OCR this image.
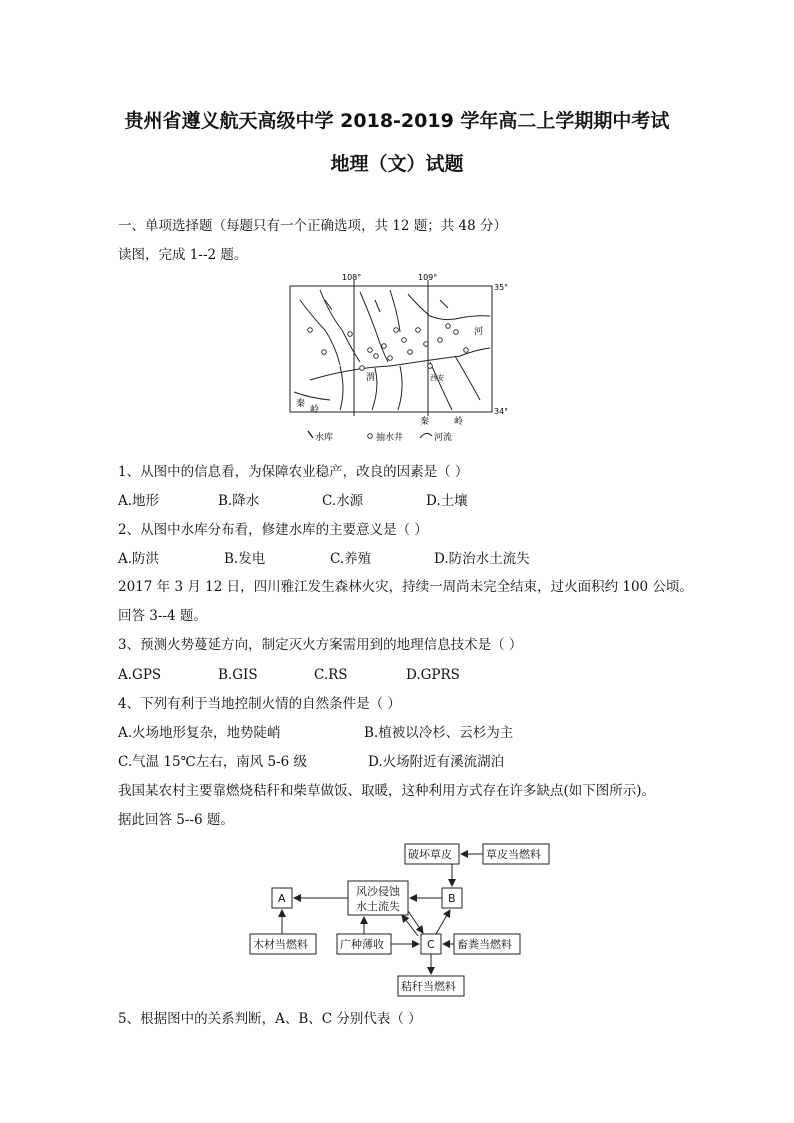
贵州省遵义航天高级中学 2018-2019 学年高二上学期期中考试
地理（文）试题
一、单项选择题（每题只有一个正确选项，共 12 题；共 48 分）
读图，完成 1--2 题。
108°	109°
35°
34°
河
渭	西安
秦
岭
秦	岭
水库	抽水井	河流
1、从图中的信息看，为保障农业稳产，改良的因素是（ ）
A.地形	B.降水	C.水源	D.土壤
2、从图中水库分布看，修建水库的主要意义是（ ）
A.防洪	B.发电	C.养殖	D.防治水土流失
2017 年 3 月 12 日，四川雅江发生森林火灾，持续一周尚未完全结束，过火面积约 100 公顷。
回答 3--4 题。
3、预测火势蔓延方向，制定灭火方案需用到的地理信息技术是（ ）
A.GPS	B.GIS	C.RS	D.GPRS
4、下列有利于当地控制火情的自然条件是（ ）
A.火场地形复杂，地势陡峭	B.植被以冷杉、云杉为主
C.气温 15℃左右，南风 5-6 级	D.火场附近有溪流湖泊
我国某农村主要靠燃烧秸秆和柴草做饭、取暖，这种利用方式存在许多缺点(如下图所示)。
据此回答 5--6 题。
破坏草皮	草皮当燃料
A
风沙侵蚀
水土流失
B
木材当燃料	广种薄收	C 畜粪当燃料
秸秆当燃料
5、根据图中的关系判断，A、B、C 分别代表（ ）
